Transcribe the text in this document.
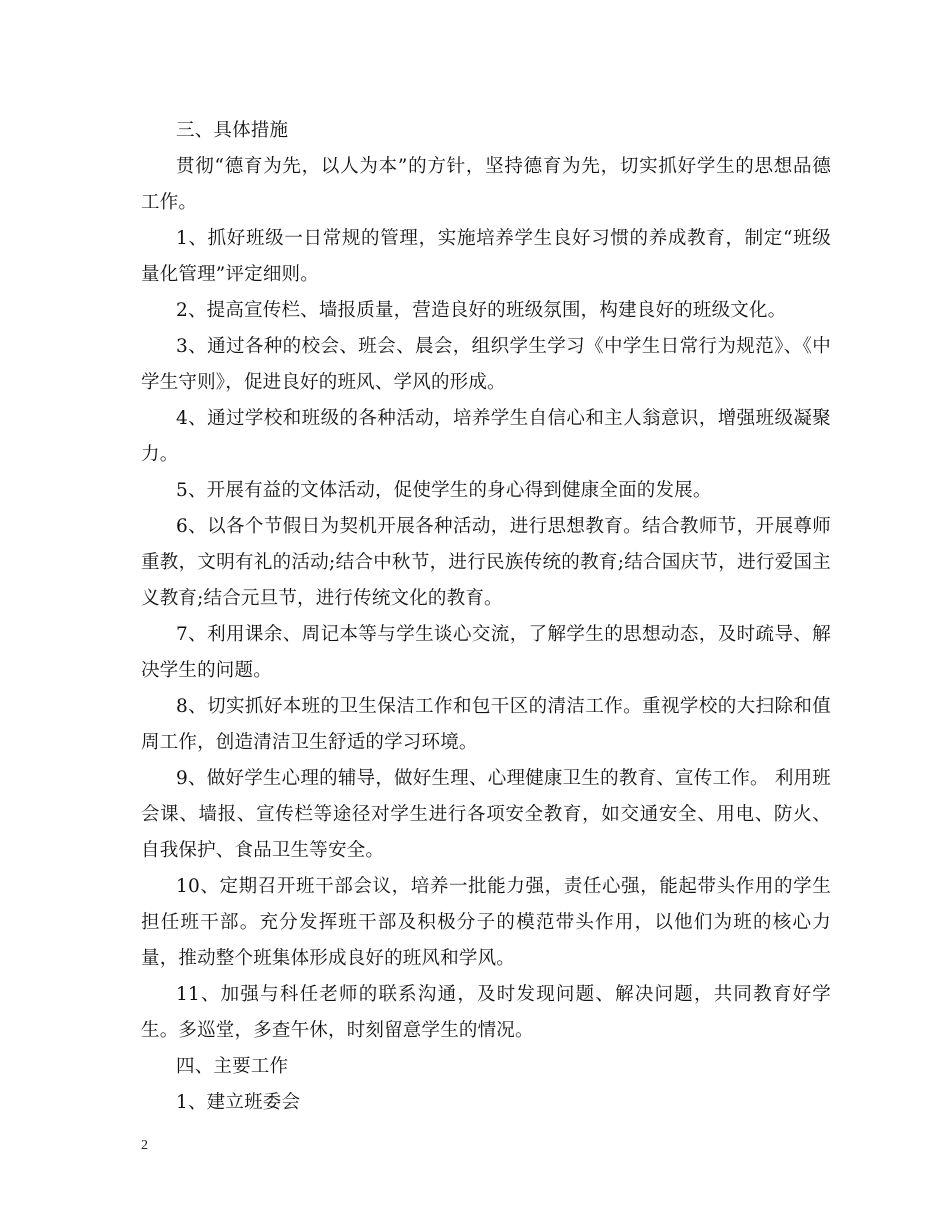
三、具体措施

贯彻“德育为先，以人为本”的方针，坚持德育为先，切实抓好学生的思想品德工作。

1、抓好班级一日常规的管理，实施培养学生良好习惯的养成教育，制定“班级量化管理”评定细则。

2、提高宣传栏、墙报质量，营造良好的班级氛围，构建良好的班级文化。

3、通过各种的校会、班会、晨会，组织学生学习《中学生日常行为规范》、《中学生守则》，促进良好的班风、学风的形成。

4、通过学校和班级的各种活动，培养学生自信心和主人翁意识，增强班级凝聚力。

5、开展有益的文体活动，促使学生的身心得到健康全面的发展。

6、以各个节假日为契机开展各种活动，进行思想教育。结合教师节，开展尊师重教，文明有礼的活动;结合中秋节，进行民族传统的教育;结合国庆节，进行爱国主义教育;结合元旦节，进行传统文化的教育。

7、利用课余、周记本等与学生谈心交流，了解学生的思想动态，及时疏导、解决学生的问题。

8、切实抓好本班的卫生保洁工作和包干区的清洁工作。重视学校的大扫除和值周工作，创造清洁卫生舒适的学习环境。

9、做好学生心理的辅导，做好生理、心理健康卫生的教育、宣传工作。 利用班会课、墙报、宣传栏等途径对学生进行各项安全教育，如交通安全、用电、防火、自我保护、食品卫生等安全。

10、定期召开班干部会议，培养一批能力强，责任心强，能起带头作用的学生担任班干部。充分发挥班干部及积极分子的模范带头作用，以他们为班的核心力量，推动整个班集体形成良好的班风和学风。

11、加强与科任老师的联系沟通，及时发现问题、解决问题，共同教育好学生。多巡堂，多查午休，时刻留意学生的情况。

四、主要工作

1、建立班委会

2
